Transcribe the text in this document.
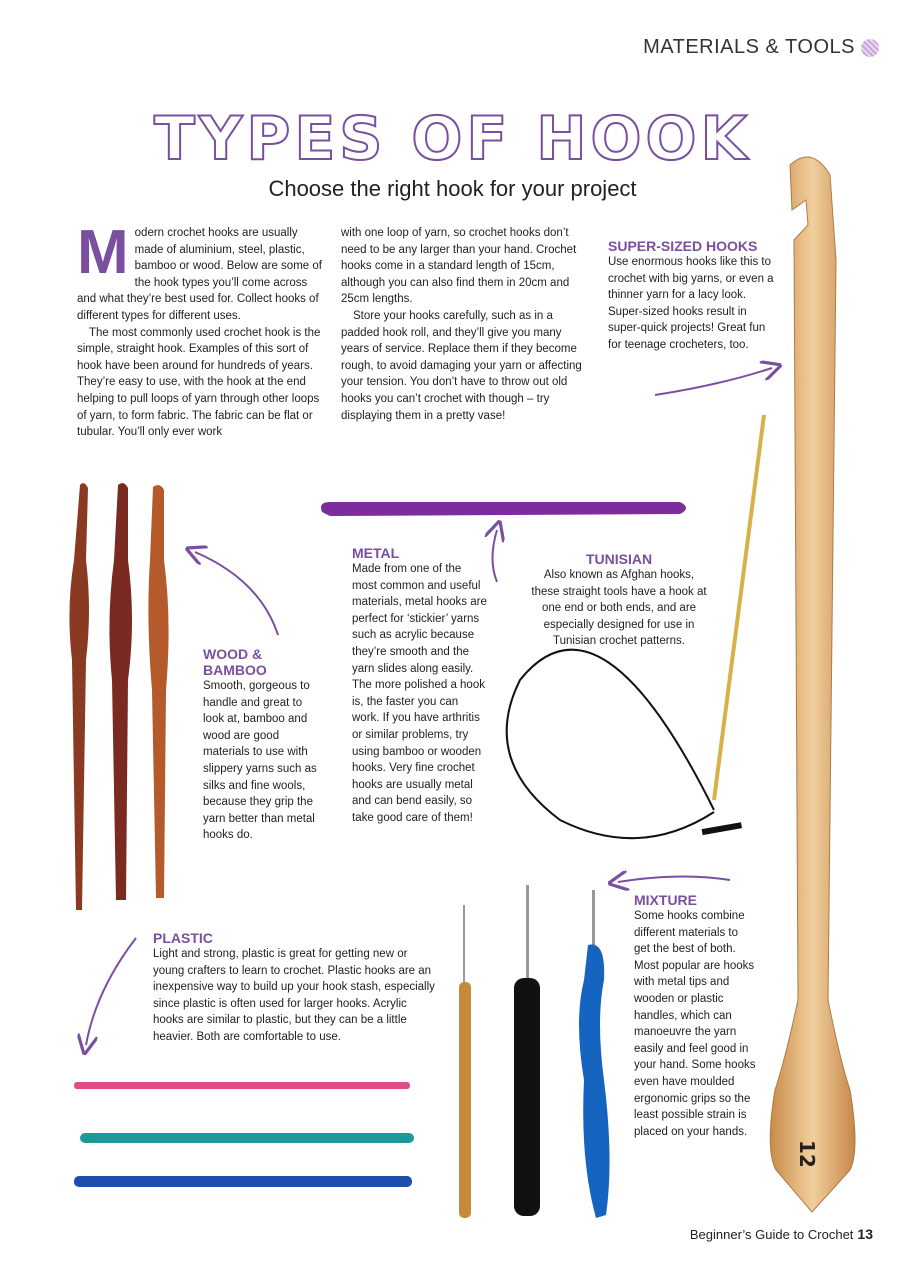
MATERIALS & TOOLS
TYPES OF HOOK
Choose the right hook for your project
M odern crochet hooks are usually made of aluminium, steel, plastic, bamboo or wood. Below are some of the hook types you’ll come across and what they’re best used for. Collect hooks of different types for different uses.
The most commonly used crochet hook is the simple, straight hook. Examples of this sort of hook have been around for hundreds of years. They’re easy to use, with the hook at the end helping to pull loops of yarn through other loops of yarn, to form fabric. The fabric can be flat or tubular. You’ll only ever work
with one loop of yarn, so crochet hooks don’t need to be any larger than your hand. Crochet hooks come in a standard length of 15cm, although you can also find them in 20cm and 25cm lengths.
Store your hooks carefully, such as in a padded hook roll, and they’ll give you many years of service. Replace them if they become rough, to avoid damaging your yarn or affecting your tension. You don’t have to throw out old hooks you can’t crochet with though – try displaying them in a pretty vase!
SUPER-SIZED HOOKS
Use enormous hooks like this to crochet with big yarns, or even a thinner yarn for a lacy look. Super-sized hooks result in super-quick projects! Great fun for teenage crocheters, too.
METAL
Made from one of the most common and useful materials, metal hooks are perfect for ‘stickier’ yarns such as acrylic because they’re smooth and the yarn slides along easily. The more polished a hook is, the faster you can work. If you have arthritis or similar problems, try using bamboo or wooden hooks. Very fine crochet hooks are usually metal and can bend easily, so take good care of them!
TUNISIAN
Also known as Afghan hooks, these straight tools have a hook at one end or both ends, and are especially designed for use in Tunisian crochet patterns.
WOOD & BAMBOO
Smooth, gorgeous to handle and great to look at, bamboo and wood are good materials to use with slippery yarns such as silks and fine wools, because they grip the yarn better than metal hooks do.
MIXTURE
Some hooks combine different materials to get the best of both. Most popular are hooks with metal tips and wooden or plastic handles, which can manoeuvre the yarn easily and feel good in your hand. Some hooks even have moulded ergonomic grips so the least possible strain is placed on your hands.
PLASTIC
Light and strong, plastic is great for getting new or young crafters to learn to crochet. Plastic hooks are an inexpensive way to build up your hook stash, especially since plastic is often used for larger hooks. Acrylic hooks are similar to plastic, but they can be a little heavier. Both are comfortable to use.
12
Beginner’s Guide to Crochet 13
